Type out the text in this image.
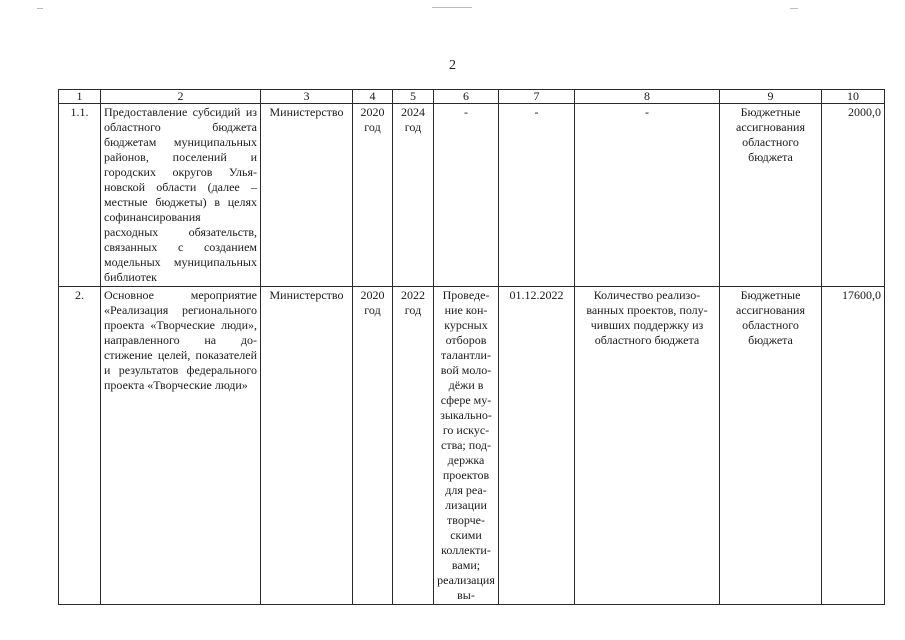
2
1	2	3	4	5	6	7	8	9	10
1.1.	Предоставление субсидий из областного бюджета бюджетам муниципальных районов, поселений и городских округов Ульяновской области (далее – местные бюджеты) в целях софинансирования расходных обязательств, связанных с созданием модельных муниципальных библиотек	Министерство	2020 год	2024 год	-	-	-	Бюджетные ассигнования областного бюджета	2000,0
2.	Основное мероприятие «Реализация регионального проекта «Творческие люди», направленного на достижение целей, показателей и результатов федерального проекта «Творческие люди»	Министерство	2020 год	2022 год	Проведение конкурсных отборов талантливой молодёжи в сфере музыкального искусства; поддержка проектов для реализации творческими коллективами; реализация вы-	01.12.2022	Количество реализованных проектов, получивших поддержку из областного бюджета	Бюджетные ассигнования областного бюджета	17600,0
